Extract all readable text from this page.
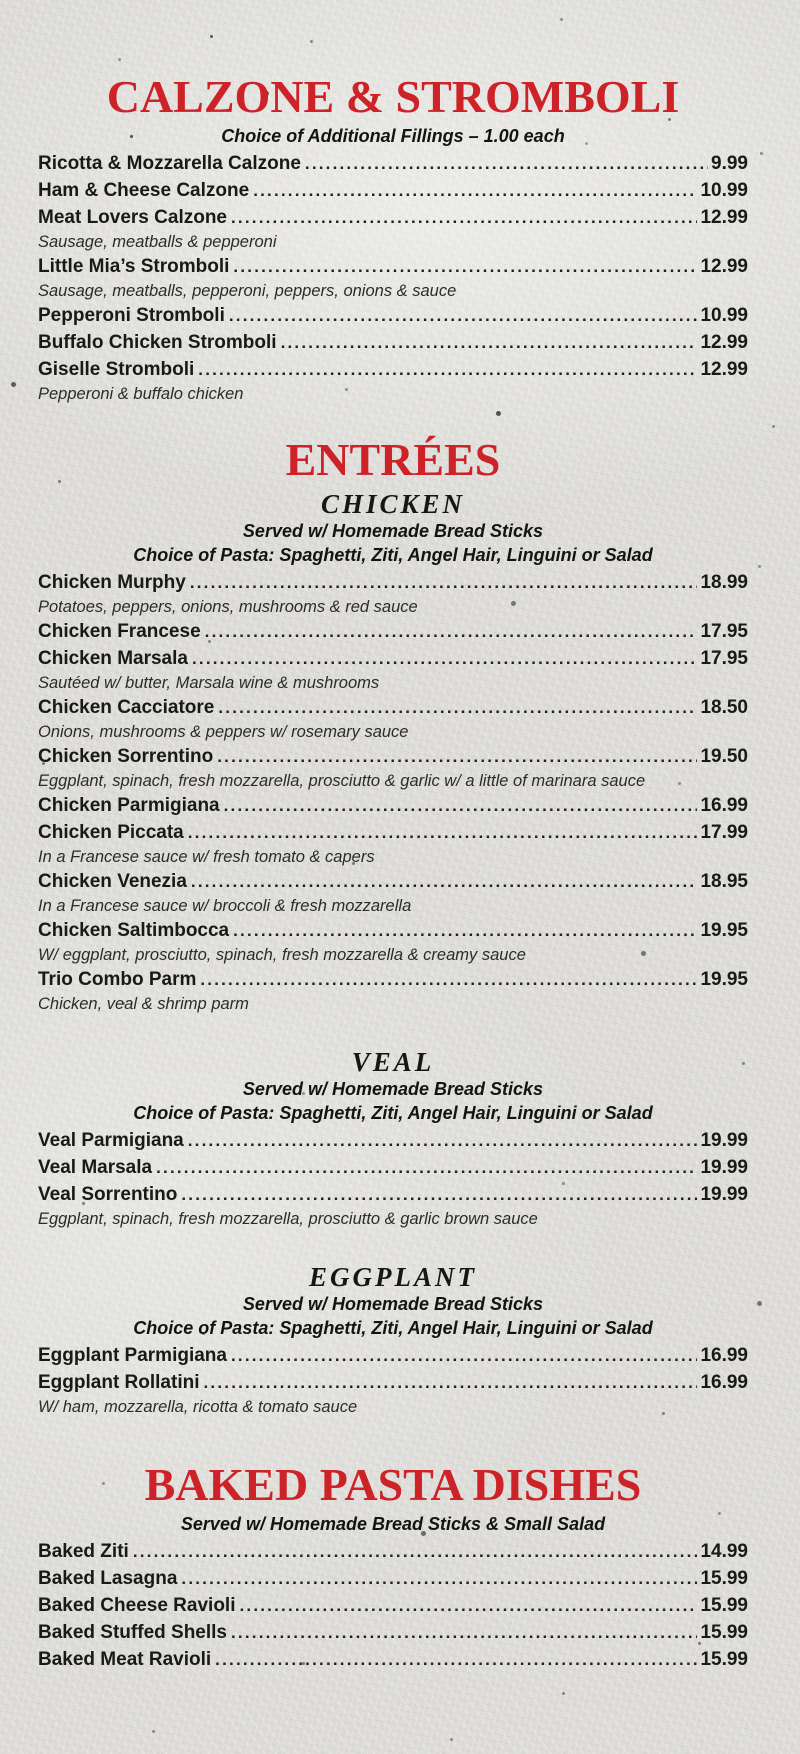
CALZONE & STROMBOLI
Choice of Additional Fillings – 1.00 each
Ricotta & Mozzarella Calzone .....	9.99
Ham & Cheese Calzone .....	10.99
Meat Lovers Calzone .....	12.99
Sausage, meatballs & pepperoni
Little Mia’s Stromboli .....	12.99
Sausage, meatballs, pepperoni, peppers, onions & sauce
Pepperoni Stromboli .....	10.99
Buffalo Chicken Stromboli .....	12.99
Giselle Stromboli .....	12.99
Pepperoni & buffalo chicken
ENTRÉES
CHICKEN
Served w/ Homemade Bread Sticks
Choice of Pasta: Spaghetti, Ziti, Angel Hair, Linguini or Salad
Chicken Murphy .....	18.99
Potatoes, peppers, onions, mushrooms & red sauce
Chicken Francese .....	17.95
Chicken Marsala .....	17.95
Sautéed w/ butter, Marsala wine & mushrooms
Chicken Cacciatore .....	18.50
Onions, mushrooms & peppers w/ rosemary sauce
Chicken Sorrentino .....	19.50
Eggplant, spinach, fresh mozzarella, prosciutto & garlic w/ a little of marinara sauce
Chicken Parmigiana .....	16.99
Chicken Piccata .....	17.99
In a Francese sauce w/ fresh tomato & capers
Chicken Venezia .....	18.95
In a Francese sauce w/ broccoli & fresh mozzarella
Chicken Saltimbocca .....	19.95
W/ eggplant, prosciutto, spinach, fresh mozzarella & creamy sauce
Trio Combo Parm .....	19.95
Chicken, veal & shrimp parm
VEAL
Served w/ Homemade Bread Sticks
Choice of Pasta: Spaghetti, Ziti, Angel Hair, Linguini or Salad
Veal Parmigiana .....	19.99
Veal Marsala .....	19.99
Veal Sorrentino .....	19.99
Eggplant, spinach, fresh mozzarella, prosciutto & garlic brown sauce
EGGPLANT
Served w/ Homemade Bread Sticks
Choice of Pasta: Spaghetti, Ziti, Angel Hair, Linguini or Salad
Eggplant Parmigiana .....	16.99
Eggplant Rollatini .....	16.99
W/ ham, mozzarella, ricotta & tomato sauce
BAKED PASTA DISHES
Served w/ Homemade Bread Sticks & Small Salad
Baked Ziti .....	14.99
Baked Lasagna .....	15.99
Baked Cheese Ravioli .....	15.99
Baked Stuffed Shells .....	15.99
Baked Meat Ravioli .....	15.99
